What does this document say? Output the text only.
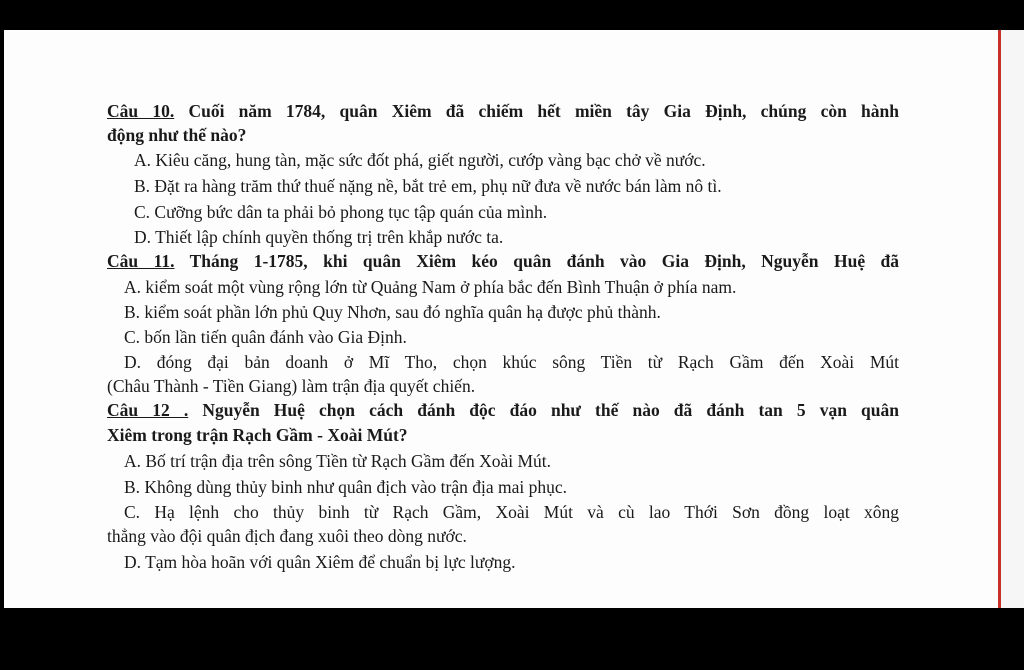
Câu 10. Cuối năm 1784, quân Xiêm đã chiếm hết miền tây Gia Định, chúng còn hành
động như thế nào?
A. Kiêu căng, hung tàn, mặc sức đốt phá, giết người, cướp vàng bạc chở về nước.
B. Đặt ra hàng trăm thứ thuế nặng nề, bắt trẻ em, phụ nữ đưa về nước bán làm nô tì.
C. Cưỡng bức dân ta phải bỏ phong tục tập quán của mình.
D. Thiết lập chính quyền thống trị trên khắp nước ta.
Câu 11. Tháng 1-1785, khi quân Xiêm kéo quân đánh vào Gia Định, Nguyễn Huệ đã
A. kiểm soát một vùng rộng lớn từ Quảng Nam ở phía bắc đến Bình Thuận ở phía nam.
B. kiểm soát phần lớn phủ Quy Nhơn, sau đó nghĩa quân hạ được phủ thành.
C. bốn lần tiến quân đánh vào Gia Định.
D. đóng đại bản doanh ở Mĩ Tho, chọn khúc sông Tiền từ Rạch Gầm đến Xoài Mút
(Châu Thành - Tiền Giang) làm trận địa quyết chiến.
Câu 12 . Nguyễn Huệ chọn cách đánh độc đáo như thế nào đã đánh tan 5 vạn quân
Xiêm trong trận Rạch Gầm - Xoài Mút?
A. Bố trí trận địa trên sông Tiền từ Rạch Gầm đến Xoài Mút.
B. Không dùng thủy binh như quân địch vào trận địa mai phục.
C. Hạ lệnh cho thủy binh từ Rạch Gầm, Xoài Mút và cù lao Thới Sơn đồng loạt xông
thẳng vào đội quân địch đang xuôi theo dòng nước.
D. Tạm hòa hoãn với quân Xiêm để chuẩn bị lực lượng.
